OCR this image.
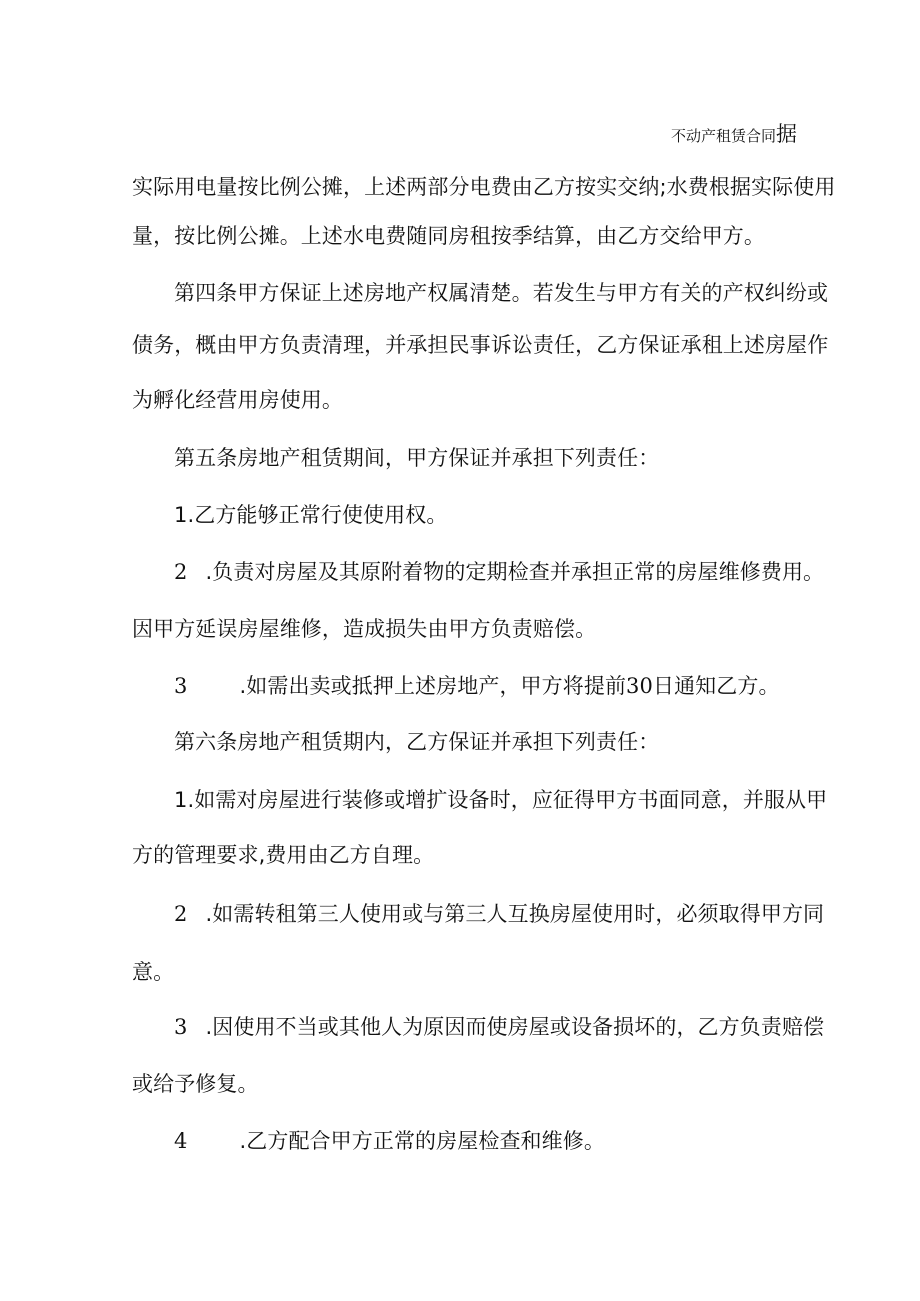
不动产租赁合同据
实际用电量按比例公摊，上述两部分电费由乙方按实交纳;水费根据实际使用
量，按比例公摊。上述水电费随同房租按季结算，由乙方交给甲方。
第四条甲方保证上述房地产权属清楚。若发生与甲方有关的产权纠纷或
债务，概由甲方负责清理，并承担民事诉讼责任，乙方保证承租上述房屋作
为孵化经营用房使用。
第五条房地产租赁期间，甲方保证并承担下列责任：
1.乙方能够正常行使使用权。
2 .负责对房屋及其原附着物的定期检查并承担正常的房屋维修费用。
因甲方延误房屋维修，造成损失由甲方负责赔偿。
3 .如需出卖或抵押上述房地产，甲方将提前30日通知乙方。
第六条房地产租赁期内，乙方保证并承担下列责任：
1.如需对房屋进行装修或增扩设备时，应征得甲方书面同意，并服从甲
方的管理要求,费用由乙方自理。
2 .如需转租第三人使用或与第三人互换房屋使用时，必须取得甲方同
意。
3 .因使用不当或其他人为原因而使房屋或设备损坏的，乙方负责赔偿
或给予修复。
4 .乙方配合甲方正常的房屋检查和维修。
